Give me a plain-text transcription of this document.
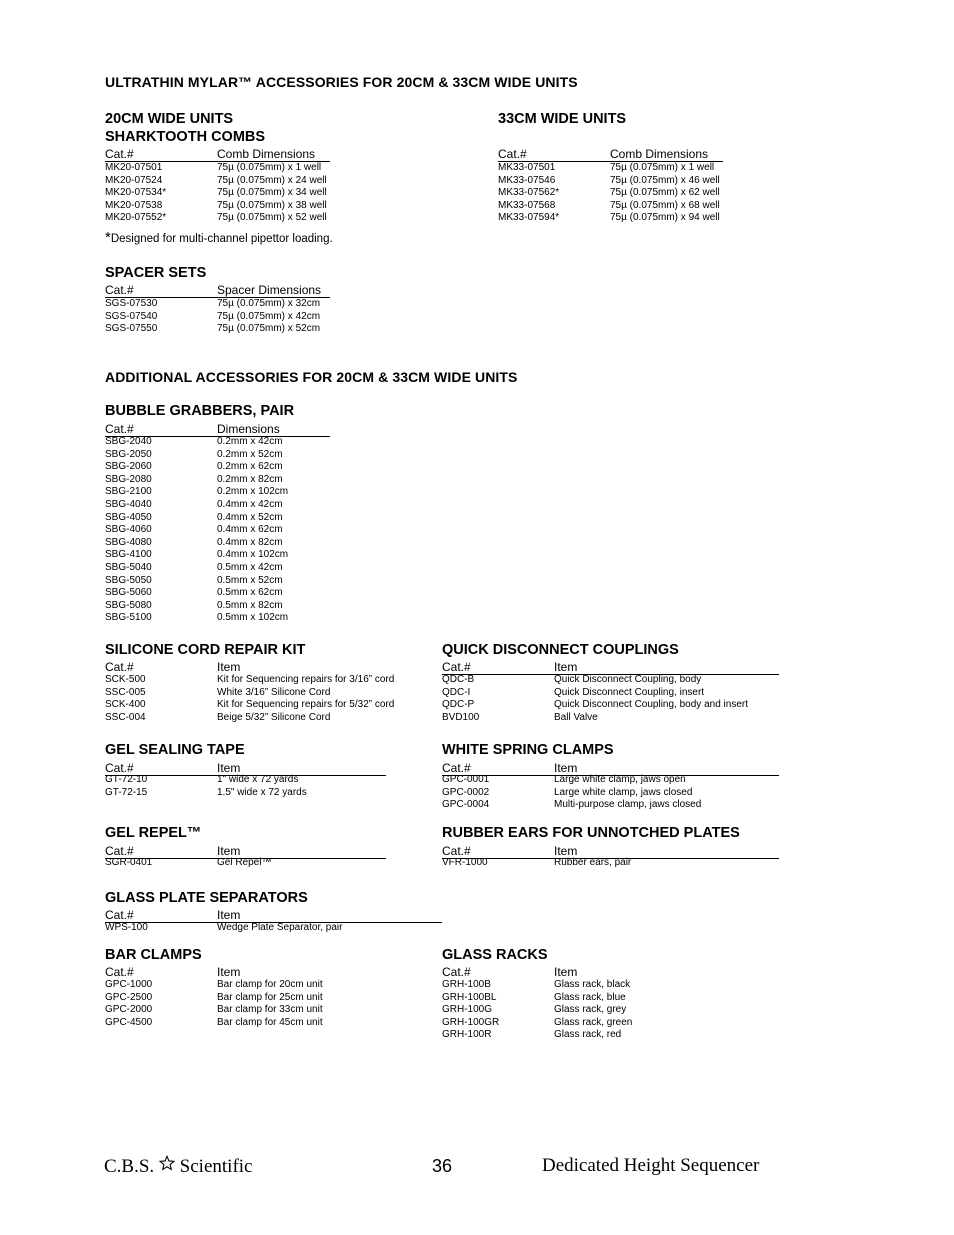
ULTRATHIN MYLAR™ ACCESSORIES FOR 20CM & 33CM WIDE UNITS
20CM WIDE UNITS
SHARKTOOTH COMBS
Cat.#	Comb Dimensions
MK20-07501	75µ (0.075mm) x 1 well
MK20-07524	75µ (0.075mm) x 24 well
MK20-07534*	75µ (0.075mm) x 34 well
MK20-07538	75µ (0.075mm) x 38 well
MK20-07552*	75µ (0.075mm) x 52 well
*Designed for multi-channel pipettor loading.
33CM WIDE UNITS
Cat.#	Comb Dimensions
MK33-07501	75µ (0.075mm) x 1 well
MK33-07546	75µ (0.075mm) x 46 well
MK33-07562*	75µ (0.075mm) x 62 well
MK33-07568	75µ (0.075mm) x 68 well
MK33-07594*	75µ (0.075mm) x 94 well
SPACER SETS
Cat.#	Spacer Dimensions
SGS-07530	75µ (0.075mm) x 32cm
SGS-07540	75µ (0.075mm) x 42cm
SGS-07550	75µ (0.075mm) x 52cm
ADDITIONAL ACCESSORIES FOR 20CM & 33CM WIDE UNITS
BUBBLE GRABBERS, PAIR
Cat.#	Dimensions
SBG-2040	0.2mm x 42cm
SBG-2050	0.2mm x 52cm
SBG-2060	0.2mm x 62cm
SBG-2080	0.2mm x 82cm
SBG-2100	0.2mm x 102cm
SBG-4040	0.4mm x 42cm
SBG-4050	0.4mm x 52cm
SBG-4060	0.4mm x 62cm
SBG-4080	0.4mm x 82cm
SBG-4100	0.4mm x 102cm
SBG-5040	0.5mm x 42cm
SBG-5050	0.5mm x 52cm
SBG-5060	0.5mm x 62cm
SBG-5080	0.5mm x 82cm
SBG-5100	0.5mm x 102cm
SILICONE CORD REPAIR KIT
Cat.#	Item
SCK-500	Kit for Sequencing repairs for 3/16” cord
SSC-005	White 3/16” Silicone Cord
SCK-400	Kit for Sequencing repairs for 5/32” cord
SSC-004	Beige 5/32” Silicone Cord
QUICK DISCONNECT COUPLINGS
Cat.#	Item
QDC-B	Quick Disconnect Coupling, body
QDC-I	Quick Disconnect Coupling, insert
QDC-P	Quick Disconnect Coupling, body and insert
BVD100	Ball Valve
GEL SEALING TAPE
Cat.#	Item
GT-72-10	1" wide x 72 yards
GT-72-15	1.5" wide x 72 yards
WHITE SPRING CLAMPS
Cat.#	Item
GPC-0001	Large white clamp, jaws open
GPC-0002	Large white clamp, jaws closed
GPC-0004	Multi-purpose clamp, jaws closed
GEL REPEL™
Cat.#	Item
SGR-0401	Gel Repel™
RUBBER EARS FOR UNNOTCHED PLATES
Cat.#	Item
VFR-1000	Rubber ears, pair
GLASS PLATE SEPARATORS
Cat.#	Item
WPS-100	Wedge Plate Separator, pair
BAR CLAMPS
Cat.#	Item
GPC-1000	Bar clamp for 20cm unit
GPC-2500	Bar clamp for 25cm unit
GPC-2000	Bar clamp for 33cm unit
GPC-4500	Bar clamp for 45cm unit
GLASS RACKS
Cat.#	Item
GRH-100B	Glass rack, black
GRH-100BL	Glass rack, blue
GRH-100G	Glass rack, grey
GRH-100GR	Glass rack, green
GRH-100R	Glass rack, red
C.B.S. Scientific	36	Dedicated Height Sequencer
